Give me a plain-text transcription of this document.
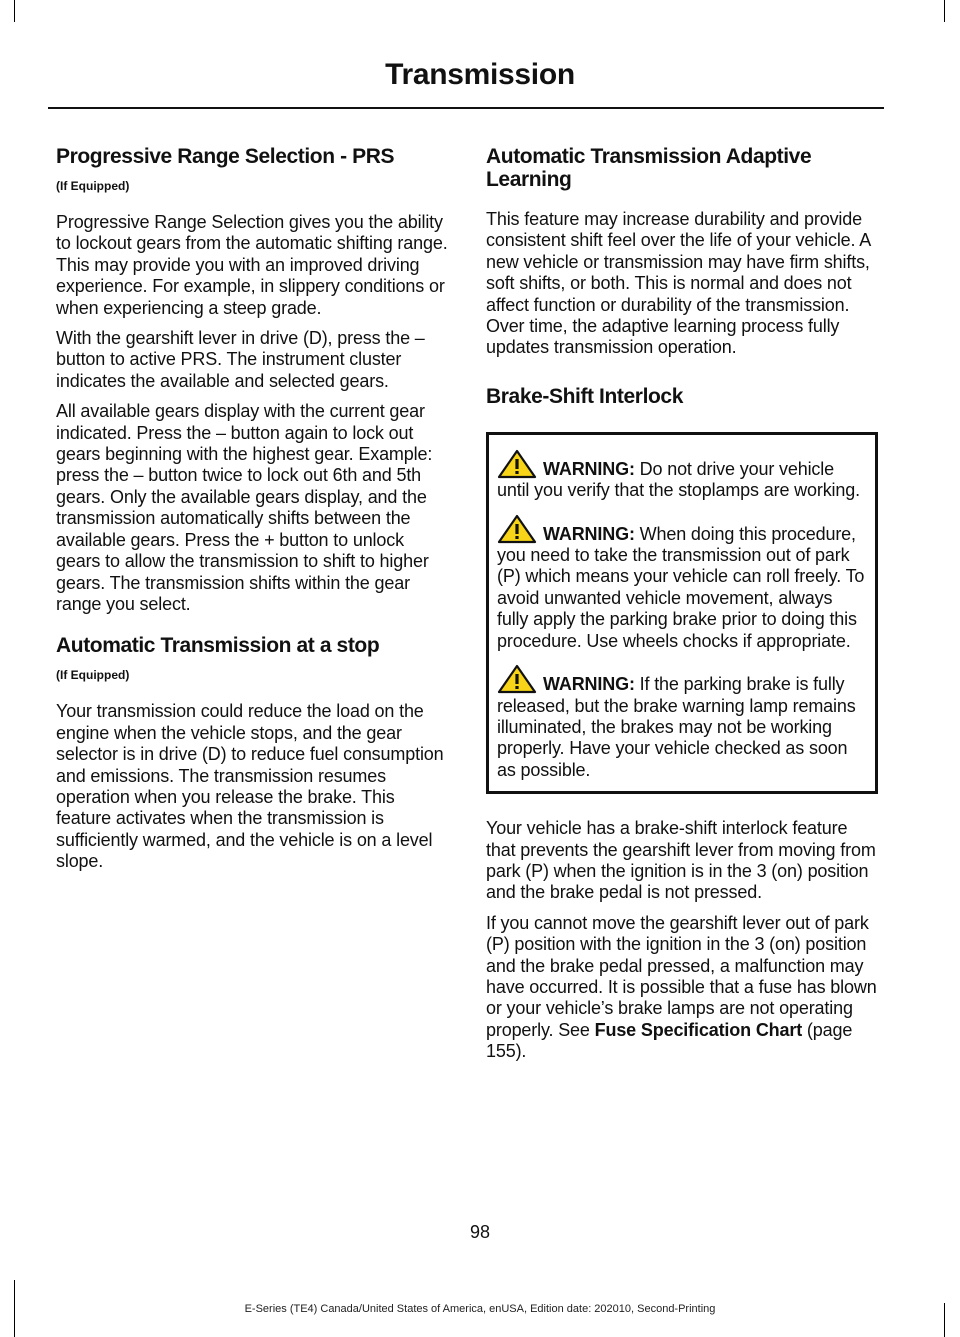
Transmission
Progressive Range Selection - PRS
(If Equipped)

Progressive Range Selection gives you the ability to lockout gears from the automatic shifting range. This may provide you with an improved driving experience. For example, in slippery conditions or when experiencing a steep grade.

With the gearshift lever in drive (D), press the – button to active PRS. The instrument cluster indicates the available and selected gears.

All available gears display with the current gear indicated. Press the – button again to lock out gears beginning with the highest gear. Example: press the – button twice to lock out 6th and 5th gears. Only the available gears display, and the transmission automatically shifts between the available gears. Press the + button to unlock gears to allow the transmission to shift to higher gears. The transmission shifts within the gear range you select.

Automatic Transmission at a stop
(If Equipped)

Your transmission could reduce the load on the engine when the vehicle stops, and the gear selector is in drive (D) to reduce fuel consumption and emissions. The transmission resumes operation when you release the brake. This feature activates when the transmission is sufficiently warmed, and the vehicle is on a level slope.

Automatic Transmission Adaptive Learning

This feature may increase durability and provide consistent shift feel over the life of your vehicle. A new vehicle or transmission may have firm shifts, soft shifts, or both. This is normal and does not affect function or durability of the transmission. Over time, the adaptive learning process fully updates transmission operation.

Brake-Shift Interlock
WARNING: Do not drive your vehicle until you verify that the stoplamps are working.
WARNING: When doing this procedure, you need to take the transmission out of park (P) which means your vehicle can roll freely. To avoid unwanted vehicle movement, always fully apply the parking brake prior to doing this procedure. Use wheels chocks if appropriate.
WARNING: If the parking brake is fully released, but the brake warning lamp remains illuminated, the brakes may not be working properly. Have your vehicle checked as soon as possible.

Your vehicle has a brake-shift interlock feature that prevents the gearshift lever from moving from park (P) when the ignition is in the 3 (on) position and the brake pedal is not pressed.

If you cannot move the gearshift lever out of park (P) position with the ignition in the 3 (on) position and the brake pedal pressed, a malfunction may have occurred. It is possible that a fuse has blown or your vehicle’s brake lamps are not operating properly. See Fuse Specification Chart (page 155).

98
E-Series (TE4) Canada/United States of America, enUSA, Edition date: 202010, Second-Printing
